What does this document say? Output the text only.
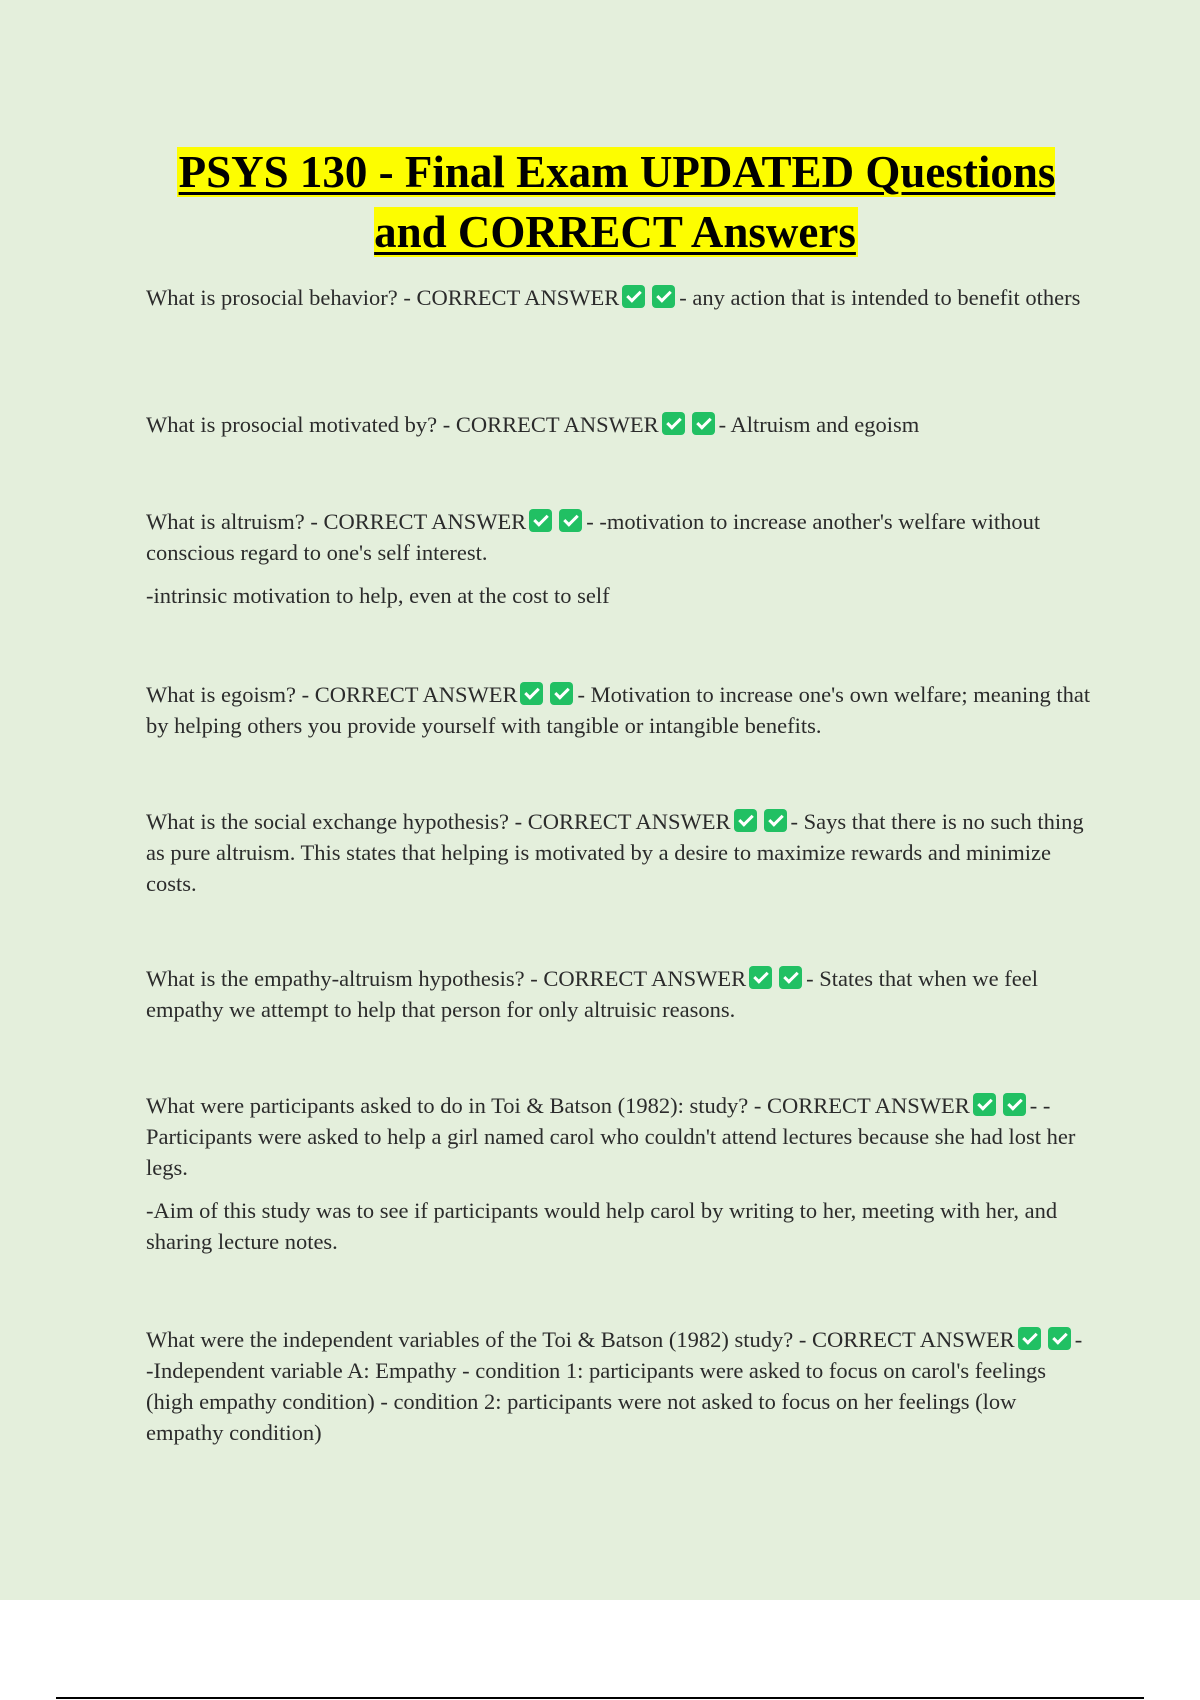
PSYS 130 - Final Exam UPDATED Questions and CORRECT Answers

What is prosocial behavior? - CORRECT ANSWER	- any action that is intended to benefit others

What is prosocial motivated by? - CORRECT ANSWER	- Altruism and egoism

What is altruism? - CORRECT ANSWER	- -motivation to increase another's welfare without conscious regard to one's self interest.

-intrinsic motivation to help, even at the cost to self

What is egoism? - CORRECT ANSWER	- Motivation to increase one's own welfare; meaning that by helping others you provide yourself with tangible or intangible benefits.

What is the social exchange hypothesis? - CORRECT ANSWER	- Says that there is no such thing as pure altruism. This states that helping is motivated by a desire to maximize rewards and minimize costs.

What is the empathy-altruism hypothesis? - CORRECT ANSWER	- States that when we feel empathy we attempt to help that person for only altruisic reasons.

What were participants asked to do in Toi & Batson (1982): study? - CORRECT ANSWER	- -Participants were asked to help a girl named carol who couldn't attend lectures because she had lost her legs.

-Aim of this study was to see if participants would help carol by writing to her, meeting with her, and sharing lecture notes.

What were the independent variables of the Toi & Batson (1982) study? - CORRECT ANSWER	- -Independent variable A: Empathy - condition 1: participants were asked to focus on carol's feelings (high empathy condition) - condition 2: participants were not asked to focus on her feelings (low empathy condition)
